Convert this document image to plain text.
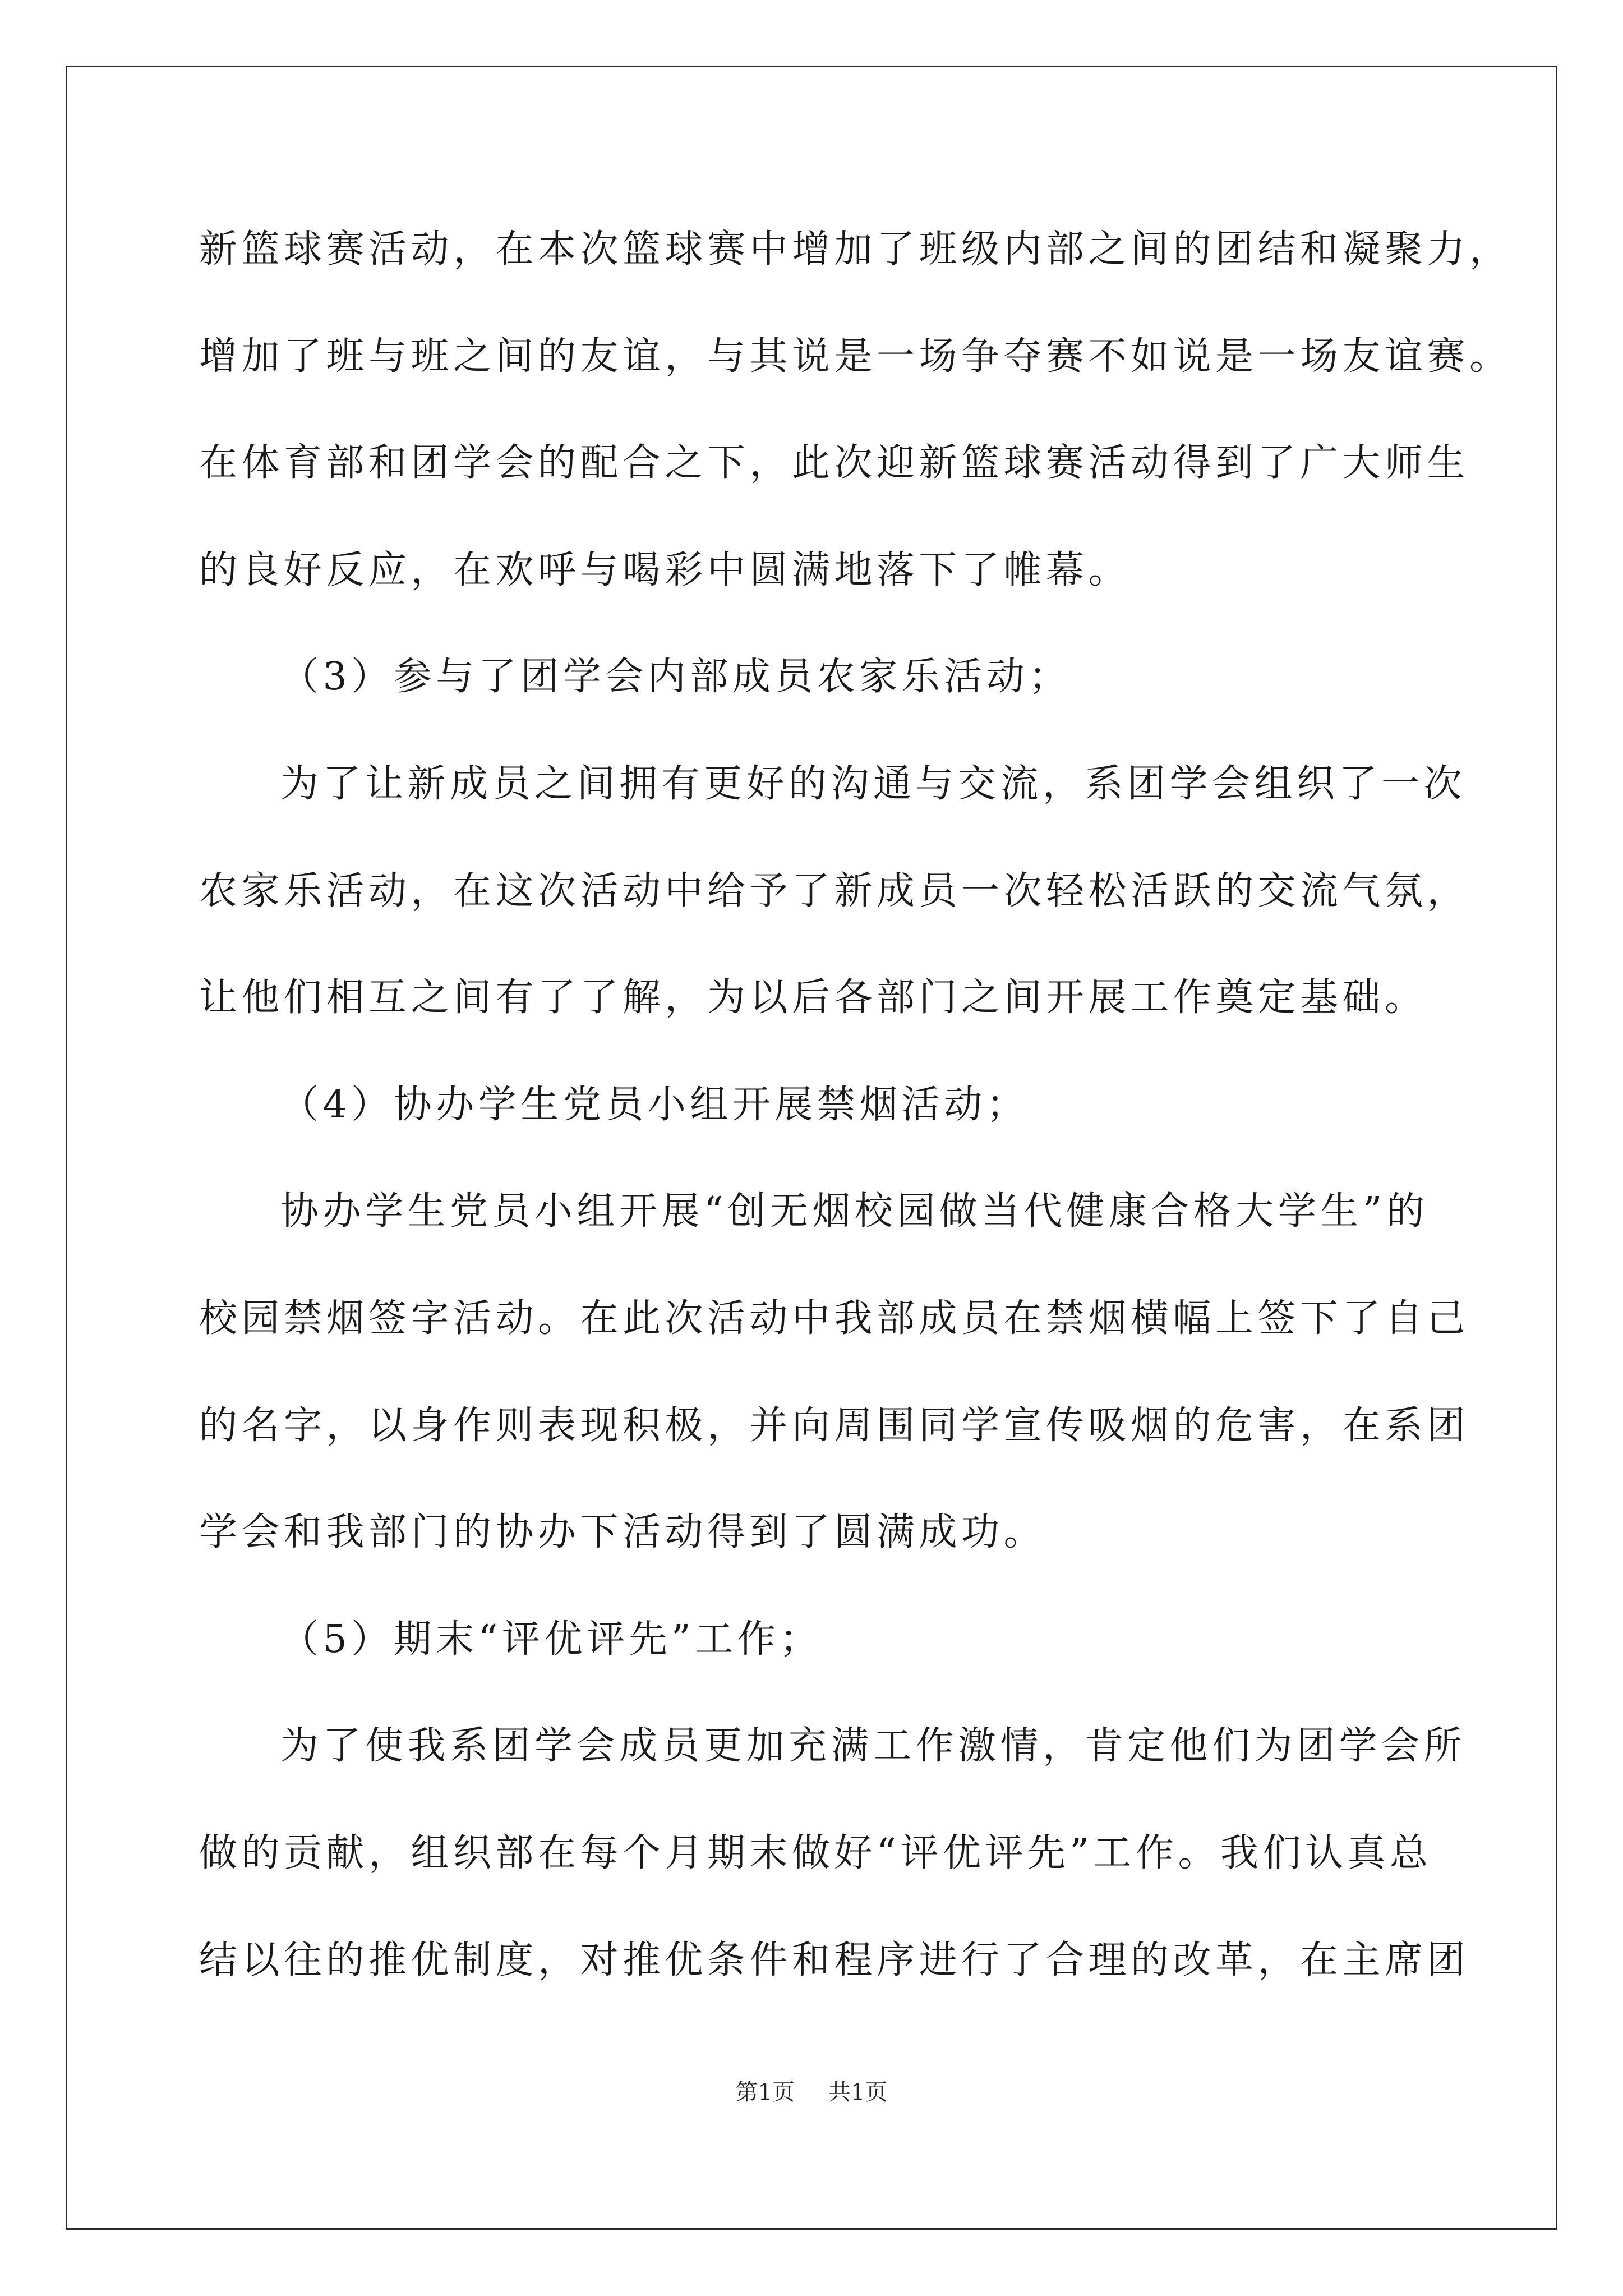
新篮球赛活动，在本次篮球赛中增加了班级内部之间的团结和凝聚力，
增加了班与班之间的友谊，与其说是一场争夺赛不如说是一场友谊赛。
在体育部和团学会的配合之下，此次迎新篮球赛活动得到了广大师生
的良好反应，在欢呼与喝彩中圆满地落下了帷幕。
（3）参与了团学会内部成员农家乐活动；
为了让新成员之间拥有更好的沟通与交流，系团学会组织了一次
农家乐活动，在这次活动中给予了新成员一次轻松活跃的交流气氛，
让他们相互之间有了了解，为以后各部门之间开展工作奠定基础。
（4）协办学生党员小组开展禁烟活动；
协办学生党员小组开展“创无烟校园做当代健康合格大学生”的
校园禁烟签字活动。在此次活动中我部成员在禁烟横幅上签下了自己
的名字，以身作则表现积极，并向周围同学宣传吸烟的危害，在系团
学会和我部门的协办下活动得到了圆满成功。
（5）期末“评优评先”工作；
为了使我系团学会成员更加充满工作激情，肯定他们为团学会所
做的贡献，组织部在每个月期末做好“评优评先”工作。我们认真总
结以往的推优制度，对推优条件和程序进行了合理的改革，在主席团
第1页 共1页
